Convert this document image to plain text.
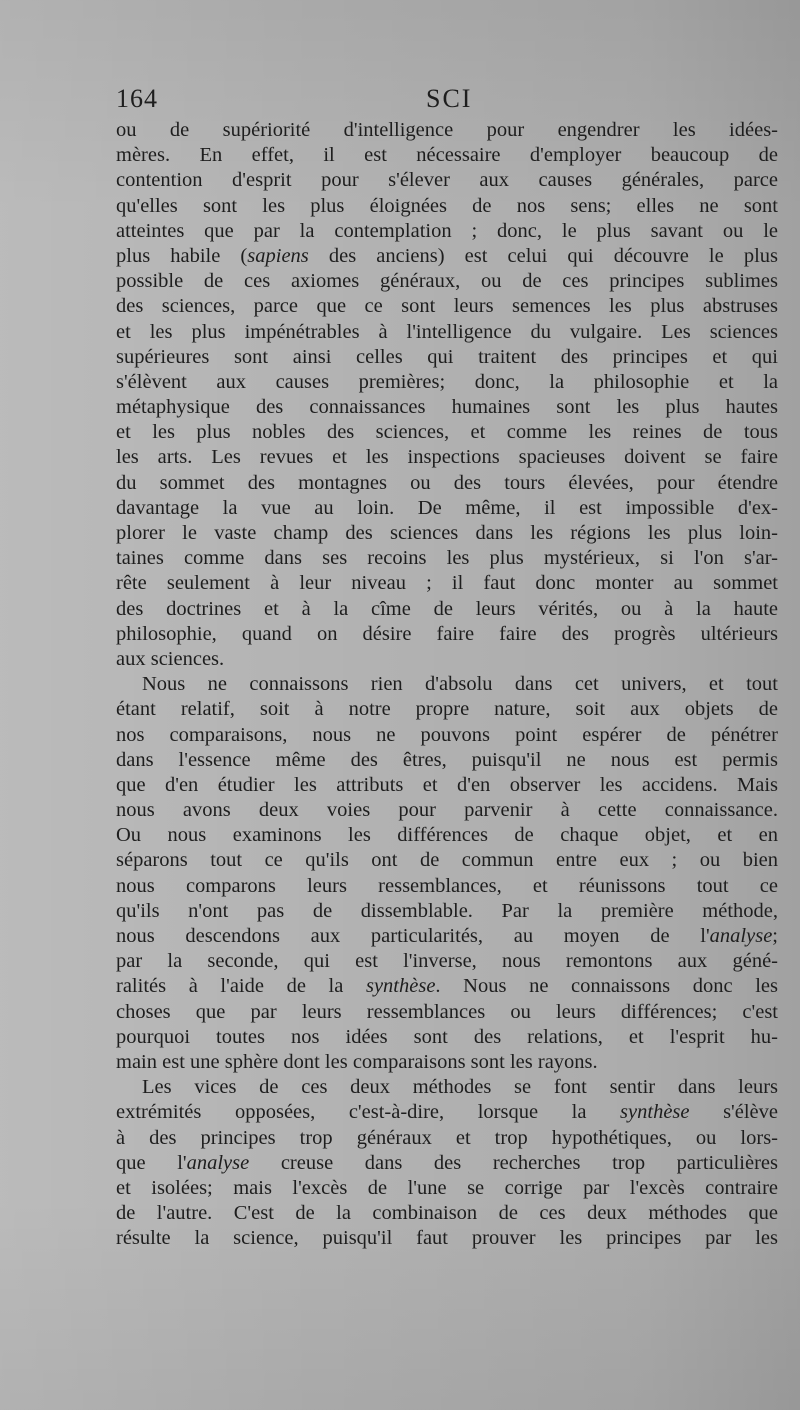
164	SCI
ou de supériorité d'intelligence pour engendrer les idées-
mères. En effet, il est nécessaire d'employer beaucoup de
contention d'esprit pour s'élever aux causes générales, parce
qu'elles sont les plus éloignées de nos sens; elles ne sont
atteintes que par la contemplation ; donc, le plus savant ou le
plus habile (sapiens des anciens) est celui qui découvre le plus
possible de ces axiomes généraux, ou de ces principes sublimes
des sciences, parce que ce sont leurs semences les plus abstruses
et les plus impénétrables à l'intelligence du vulgaire. Les sciences
supérieures sont ainsi celles qui traitent des principes et qui
s'élèvent aux causes premières; donc, la philosophie et la
métaphysique des connaissances humaines sont les plus hautes
et les plus nobles des sciences, et comme les reines de tous
les arts. Les revues et les inspections spacieuses doivent se faire
du sommet des montagnes ou des tours élevées, pour étendre
davantage la vue au loin. De même, il est impossible d'ex-
plorer le vaste champ des sciences dans les régions les plus loin-
taines comme dans ses recoins les plus mystérieux, si l'on s'ar-
rête seulement à leur niveau ; il faut donc monter au sommet
des doctrines et à la cîme de leurs vérités, ou à la haute
philosophie, quand on désire faire faire des progrès ultérieurs
aux sciences.
Nous ne connaissons rien d'absolu dans cet univers, et tout
étant relatif, soit à notre propre nature, soit aux objets de
nos comparaisons, nous ne pouvons point espérer de pénétrer
dans l'essence même des êtres, puisqu'il ne nous est permis
que d'en étudier les attributs et d'en observer les accidens. Mais
nous avons deux voies pour parvenir à cette connaissance.
Ou nous examinons les différences de chaque objet, et en
séparons tout ce qu'ils ont de commun entre eux ; ou bien
nous comparons leurs ressemblances, et réunissons tout ce
qu'ils n'ont pas de dissemblable. Par la première méthode,
nous descendons aux particularités, au moyen de l'analyse;
par la seconde, qui est l'inverse, nous remontons aux géné-
ralités à l'aide de la synthèse. Nous ne connaissons donc les
choses que par leurs ressemblances ou leurs différences; c'est
pourquoi toutes nos idées sont des relations, et l'esprit hu-
main est une sphère dont les comparaisons sont les rayons.
Les vices de ces deux méthodes se font sentir dans leurs
extrémités opposées, c'est-à-dire, lorsque la synthèse s'élève
à des principes trop généraux et trop hypothétiques, ou lors-
que l'analyse creuse dans des recherches trop particulières
et isolées; mais l'excès de l'une se corrige par l'excès contraire
de l'autre. C'est de la combinaison de ces deux méthodes que
résulte la science, puisqu'il faut prouver les principes par les
